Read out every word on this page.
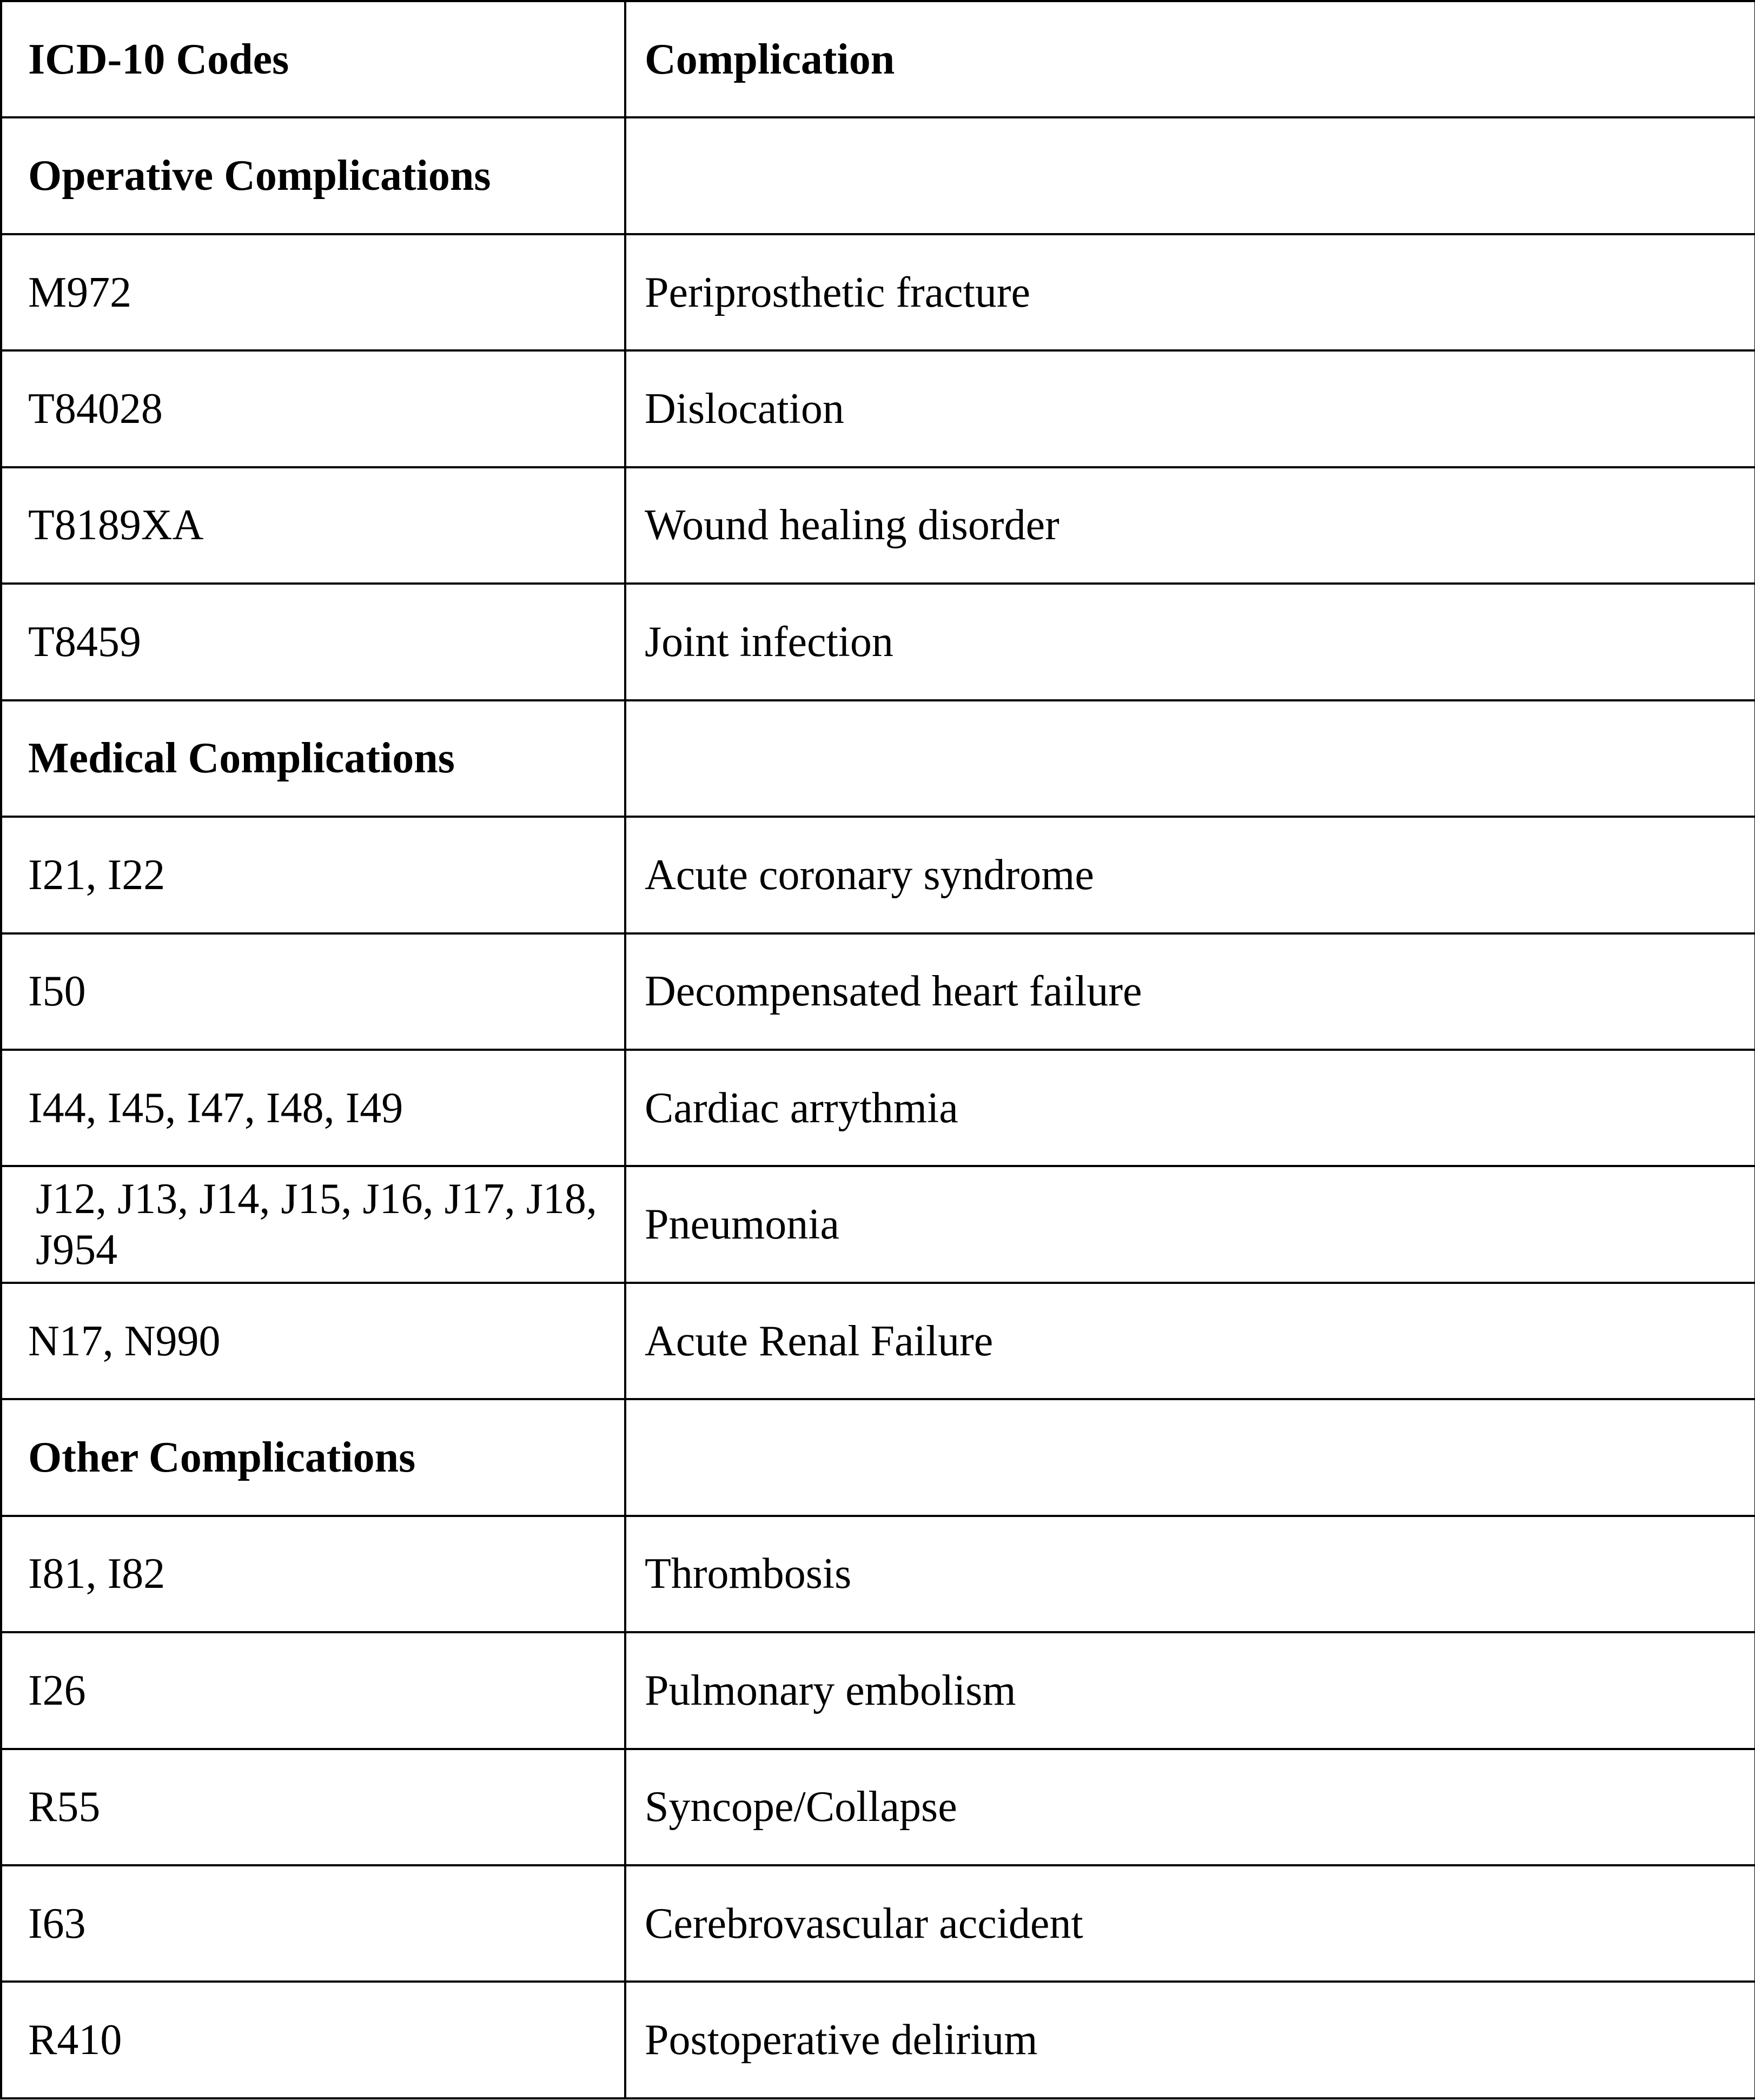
ICD-10 Codes	Complication
Operative Complications	
M972	Periprosthetic fracture
T84028	Dislocation
T8189XA	Wound healing disorder
T8459	Joint infection
Medical Complications	
I21, I22	Acute coronary syndrome
I50	Decompensated heart failure
I44, I45, I47, I48, I49	Cardiac arrythmia
J12, J13, J14, J15, J16, J17, J18, J954	Pneumonia
N17, N990	Acute Renal Failure
Other Complications	
I81, I82	Thrombosis
I26	Pulmonary embolism
R55	Syncope/Collapse
I63	Cerebrovascular accident
R410	Postoperative delirium
